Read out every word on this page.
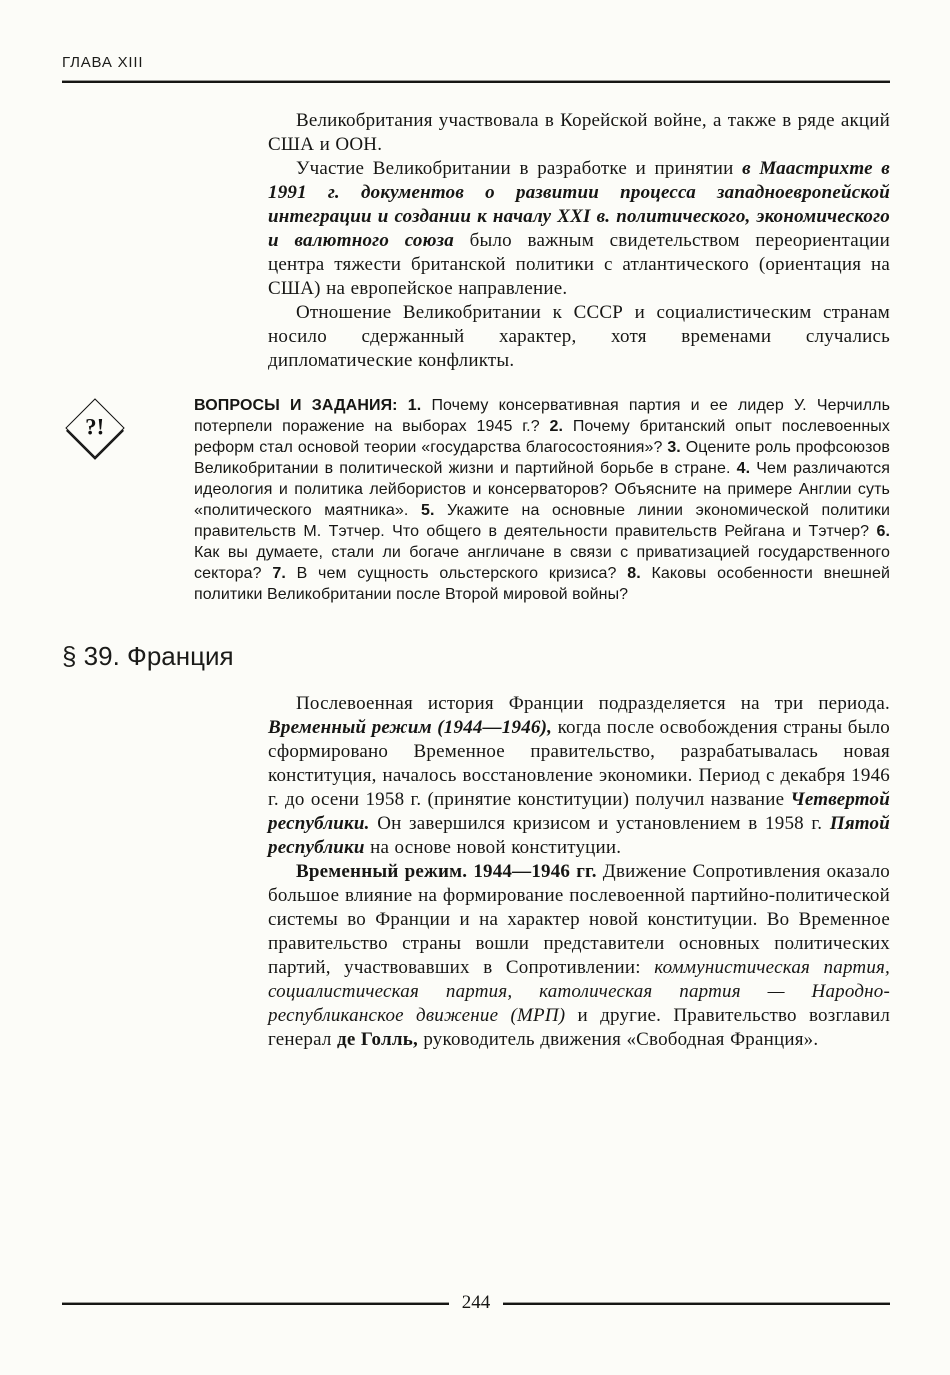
ГЛАВА XIII

Великобритания участвовала в Корейской войне, а также в ряде акций США и ООН.

Участие Великобритании в разработке и принятии в Маастрихте в 1991 г. документов о развитии процесса западноевропейской интеграции и создании к началу XXI в. политического, экономического и валютного союза было важным свидетельством переориентации центра тяжести британской политики с атлантического (ориентация на США) на европейское направление.

Отношение Великобритании к СССР и социалистическим странам носило сдержанный характер, хотя временами случались дипломатические конфликты.

?!

ВОПРОСЫ И ЗАДАНИЯ: 1. Почему консервативная партия и ее лидер У. Черчилль потерпели поражение на выборах 1945 г.? 2. Почему британский опыт послевоенных реформ стал основой теории «государства благосостояния»? 3. Оцените роль профсоюзов Великобритании в политической жизни и партийной борьбе в стране. 4. Чем различаются идеология и политика лейбористов и консерваторов? Объясните на примере Англии суть «политического маятника». 5. Укажите на основные линии экономической политики правительств М. Тэтчер. Что общего в деятельности правительств Рейгана и Тэтчер? 6. Как вы думаете, стали ли богаче англичане в связи с приватизацией государственного сектора? 7. В чем сущность ольстерского кризиса? 8. Каковы особенности внешней политики Великобритании после Второй мировой войны?

§ 39. Франция

Послевоенная история Франции подразделяется на три периода. Временный режим (1944—1946), когда после освобождения страны было сформировано Временное правительство, разрабатывалась новая конституция, началось восстановление экономики. Период с декабря 1946 г. до осени 1958 г. (принятие конституции) получил название Четвертой республики. Он завершился кризисом и установлением в 1958 г. Пятой республики на основе новой конституции.

Временный режим. 1944—1946 гг. Движение Сопротивления оказало большое влияние на формирование послевоенной партийно-политической системы во Франции и на характер новой конституции. Во Временное правительство страны вошли представители основных политических партий, участвовавших в Сопротивлении: коммунистическая партия, социалистическая партия, католическая партия — Народно-республиканское движение (МРП) и другие. Правительство возглавил генерал де Голль, руководитель движения «Свободная Франция».

244
